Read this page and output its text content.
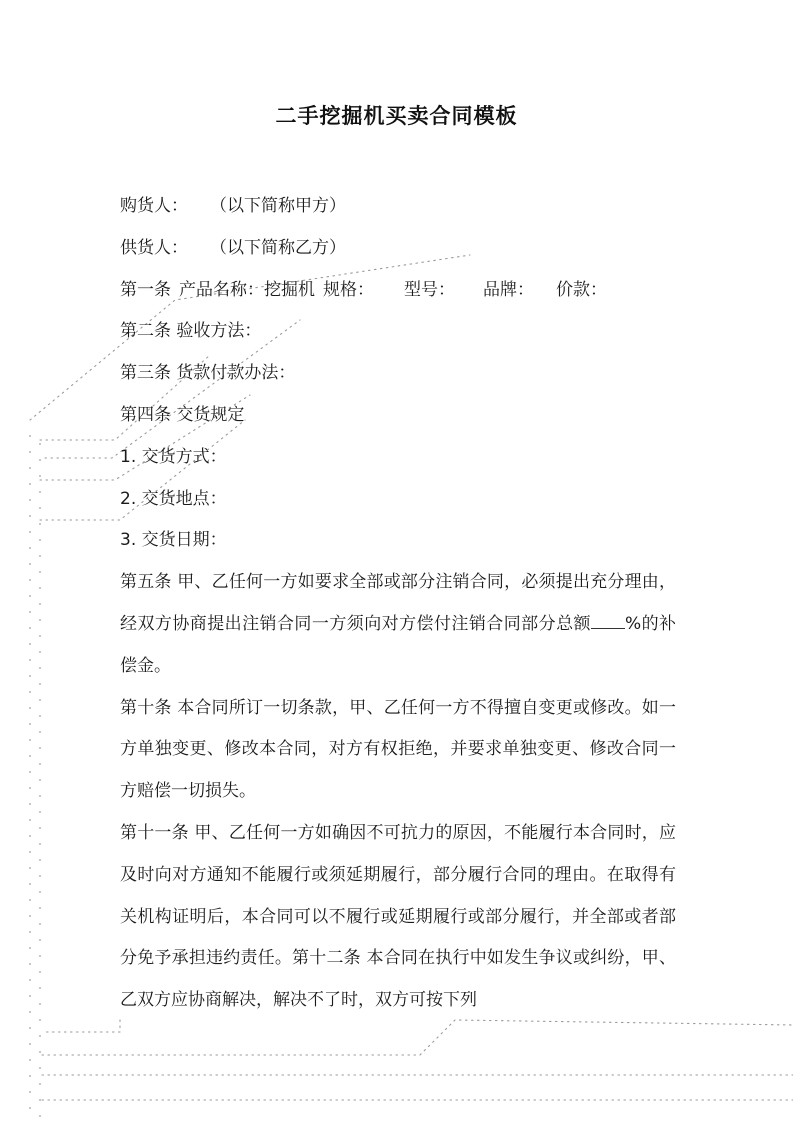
二手挖掘机买卖合同模板
购货人： （以下简称甲方）
供货人： （以下简称乙方）
第一条 产品名称：挖掘机 规格： 型号： 品牌： 价款：
第二条 验收方法：
第三条 货款付款办法：
第四条 交货规定
1. 交货方式：
2. 交货地点：
3. 交货日期：
第五条 甲、乙任何一方如要求全部或部分注销合同，必须提出充分理由，经双方协商提出注销合同一方须向对方偿付注销合同部分总额 %的补偿金。
第十条 本合同所订一切条款，甲、乙任何一方不得擅自变更或修改。如一方单独变更、修改本合同，对方有权拒绝，并要求单独变更、修改合同一方赔偿一切损失。
第十一条 甲、乙任何一方如确因不可抗力的原因，不能履行本合同时，应及时向对方通知不能履行或须延期履行，部分履行合同的理由。在取得有关机构证明后，本合同可以不履行或延期履行或部分履行，并全部或者部分免予承担违约责任。第十二条 本合同在执行中如发生争议或纠纷，甲、乙双方应协商解决，解决不了时，双方可按下列
